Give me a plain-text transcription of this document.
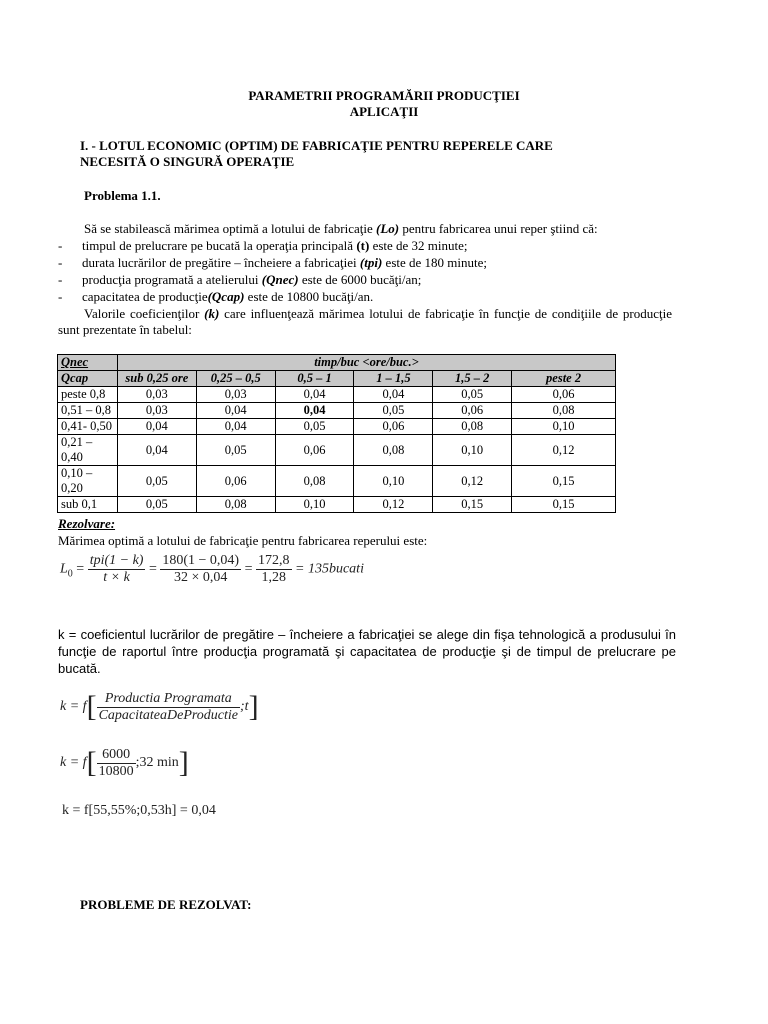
PARAMETRII PROGRAMĂRII PRODUCŢIEI
APLICAŢII
I. - LOTUL ECONOMIC (OPTIM) DE FABRICAŢIE PENTRU REPERELE CARE
NECESITĂ O SINGURĂ OPERAŢIE
Problema 1.1.
Să se stabilească mărimea optimă a lotului de fabricaţie (Lo) pentru fabricarea unui reper ştiind că:
- timpul de prelucrare pe bucată la operaţia principală (t) este de 32 minute;
- durata lucrărilor de pregătire – încheiere a fabricaţiei (tpi) este de 180 minute;
- producţia programată a atelierului (Qnec) este de 6000 bucăţi/an;
- capacitatea de producţie(Qcap) este de 10800 bucăţi/an.
Valorile coeficienţilor (k) care influenţează mărimea lotului de fabricaţie în funcţie de condiţiile de producţie sunt prezentate în tabelul:
Qnec	timp/buc <ore/buc.>					
Qcap	sub 0,25 ore	0,25 – 0,5	0,5 – 1	1 – 1,5	1,5 – 2	peste 2
peste 0,8	0,03	0,03	0,04	0,04	0,05	0,06
0,51 – 0,8	0,03	0,04	0,04	0,05	0,06	0,08
0,41- 0,50	0,04	0,04	0,05	0,06	0,08	0,10
0,21 – 0,40	0,04	0,05	0,06	0,08	0,10	0,12
0,10 – 0,20	0,05	0,06	0,08	0,10	0,12	0,15
sub 0,1	0,05	0,08	0,10	0,12	0,15	0,15
Rezolvare:
Mărimea optimă a lotului de fabricaţie pentru fabricarea reperului este:
$L_0 = \frac{\text{tpi(1 − k)}}{t \times k} = \frac{180(1 - 0,04)}{32 \times 0,04} = \frac{172,8}{1,28}$ = 135bucati
k = coeficientul lucrărilor de pregătire – încheiere a fabricaţiei se alege din fişa tehnologică a produsului în funcţie de raportul între producţia programată şi capacitatea de producţie şi de timpul de prelucrare pe bucată.
$k = f[ \frac{\text{Productia Programata}}{\text{CapacitateaDeProductie}}$ ;t]
$k = f[ \frac{6000}{10800}$ ;32 min]
k = f[55,55%;0,53h] = 0,04
PROBLEME DE REZOLVAT:
